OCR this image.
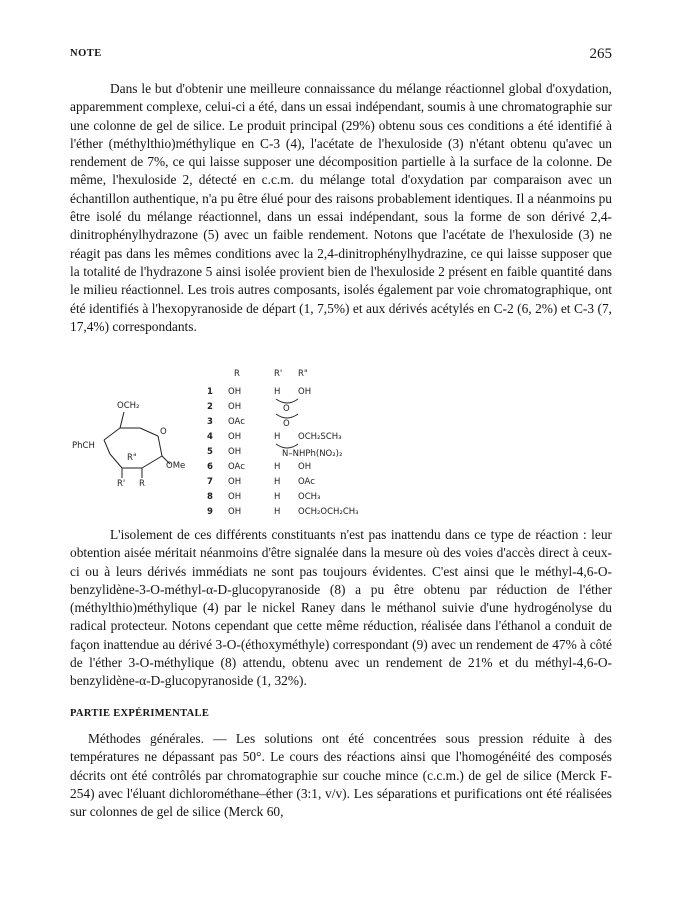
NOTE	265

Dans le but d'obtenir une meilleure connaissance du mélange réactionnel global d'oxydation, apparemment complexe, celui-ci a été, dans un essai indépendant, soumis à une chromatographie sur une colonne de gel de silice. Le produit principal (29%) obtenu sous ces conditions a été identifié à l'éther (méthylthio)méthylique en C-3 (4), l'acétate de l'hexuloside (3) n'étant obtenu qu'avec un rendement de 7%, ce qui laisse supposer une décomposition partielle à la surface de la colonne. De même, l'hexuloside 2, détecté en c.c.m. du mélange total d'oxydation par comparaison avec un échantillon authentique, n'a pu être élué pour des raisons probablement identiques. Il a néanmoins pu être isolé du mélange réactionnel, dans un essai indépendant, sous la forme de son dérivé 2,4-dinitrophénylhydrazone (5) avec un faible rendement. Notons que l'acétate de l'hexuloside (3) ne réagit pas dans les mêmes conditions avec la 2,4-dinitrophénylhydrazine, ce qui laisse supposer que la totalité de l'hydrazone 5 ainsi isolée provient bien de l'hexuloside 2 présent en faible quantité dans le milieu réactionnel. Les trois autres composants, isolés également par voie chromatographique, ont été identifiés à l'hexopyranoside de départ (1, 7,5%) et aux dérivés acétylés en C-2 (6, 2%) et C-3 (7, 17,4%) correspondants.

OCH₂
PhCH
O
R"
OMe
R' R
R	R' R"
1 OH	H OH
2 OH	O
3 OAc	O
4 OH	H OCH₂SCH₃
5 OH	N–NHPh(NO₂)₂
6 OAc	H OH
7 OH	H OAc
8 OH	H OCH₃
9 OH	H OCH₂OCH₂CH₃

L'isolement de ces différents constituants n'est pas inattendu dans ce type de réaction : leur obtention aisée méritait néanmoins d'être signalée dans la mesure où des voies d'accès direct à ceux-ci ou à leurs dérivés immédiats ne sont pas toujours évidentes. C'est ainsi que le méthyl-4,6-O-benzylidène-3-O-méthyl-α-D-glucopyranoside (8) a pu être obtenu par réduction de l'éther (méthylthio)méthylique (4) par le nickel Raney dans le méthanol suivie d'une hydrogénolyse du radical protecteur. Notons cependant que cette même réduction, réalisée dans l'éthanol a conduit de façon inattendue au dérivé 3-O-(éthoxyméthyle) correspondant (9) avec un rendement de 47% à côté de l'éther 3-O-méthylique (8) attendu, obtenu avec un rendement de 21% et du méthyl-4,6-O-benzylidène-α-D-glucopyranoside (1, 32%).

PARTIE EXPÉRIMENTALE

Méthodes générales. — Les solutions ont été concentrées sous pression réduite à des températures ne dépassant pas 50°. Le cours des réactions ainsi que l'homogénéité des composés décrits ont été contrôlés par chromatographie sur couche mince (c.c.m.) de gel de silice (Merck F-254) avec l'éluant dichlorométhane–éther (3:1, v/v). Les séparations et purifications ont été réalisées sur colonnes de gel de silice (Merck 60,
